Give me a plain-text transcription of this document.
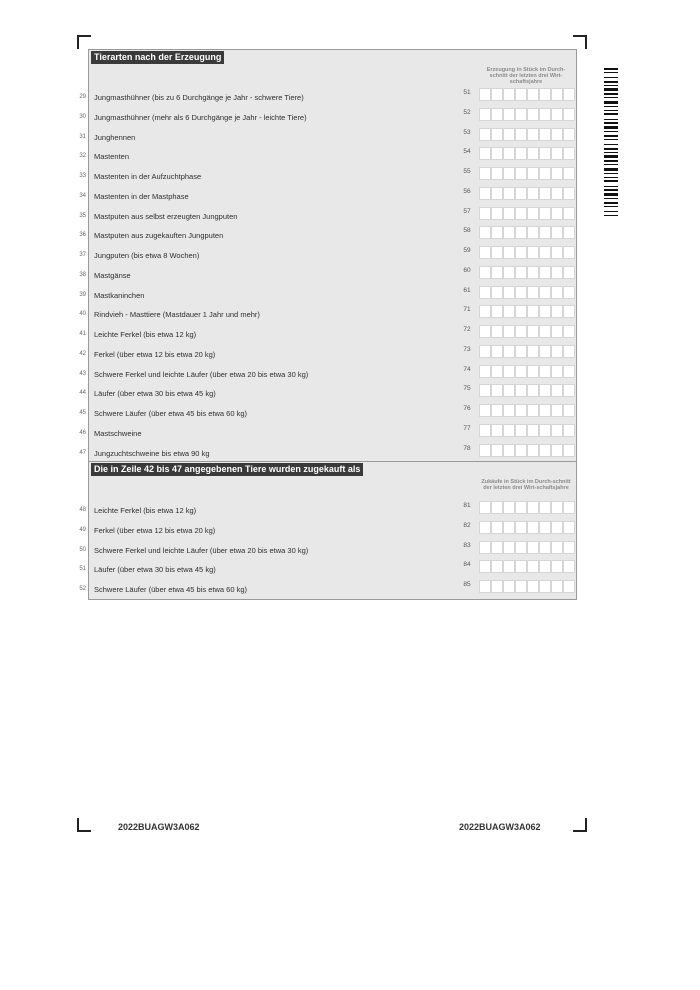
Tierarten nach der Erzeugung
Erzeugung in Stück im Durch-schnitt der letzten drei Wirt-schaftsjahre
Die in Zeile 42 bis 47 angegebenen Tiere wurden zugekauft als
Zukäufe in Stück im Durch-schnitt der letzten drei Wirt-schaftsjahre
29 Jungmasthühner (bis zu 6 Durchgänge je Jahr - schwere Tiere)
51
30 Jungmasthühner (mehr als 6 Durchgänge je Jahr - leichte Tiere)
52
31 Junghennen
53
32 Mastenten
54
33 Mastenten in der Aufzuchtphase
55
34 Mastenten in der Mastphase
56
35 Mastputen aus selbst erzeugten Jungputen
57
36 Mastputen aus zugekauften Jungputen
58
37 Jungputen (bis etwa 8 Wochen)
59
38 Mastgänse
60
39 Mastkaninchen
61
40 Rindvieh - Masttiere (Mastdauer 1 Jahr und mehr)
71
41 Leichte Ferkel (bis etwa 12 kg)
72
42 Ferkel (über etwa 12 bis etwa 20 kg)
73
43 Schwere Ferkel und leichte Läufer (über etwa 20 bis etwa 30 kg)
74
44 Läufer (über etwa 30 bis etwa 45 kg)
75
45 Schwere Läufer (über etwa 45 bis etwa 60 kg)
76
46 Mastschweine
77
47 Jungzuchtschweine bis etwa 90 kg
78
48 Leichte Ferkel (bis etwa 12 kg)
81
49 Ferkel (über etwa 12 bis etwa 20 kg)
82
50 Schwere Ferkel und leichte Läufer (über etwa 20 bis etwa 30 kg)
83
51 Läufer (über etwa 30 bis etwa 45 kg)
84
52 Schwere Läufer (über etwa 45 bis etwa 60 kg)
85
2022BUAGW3A062	2022BUAGW3A062
